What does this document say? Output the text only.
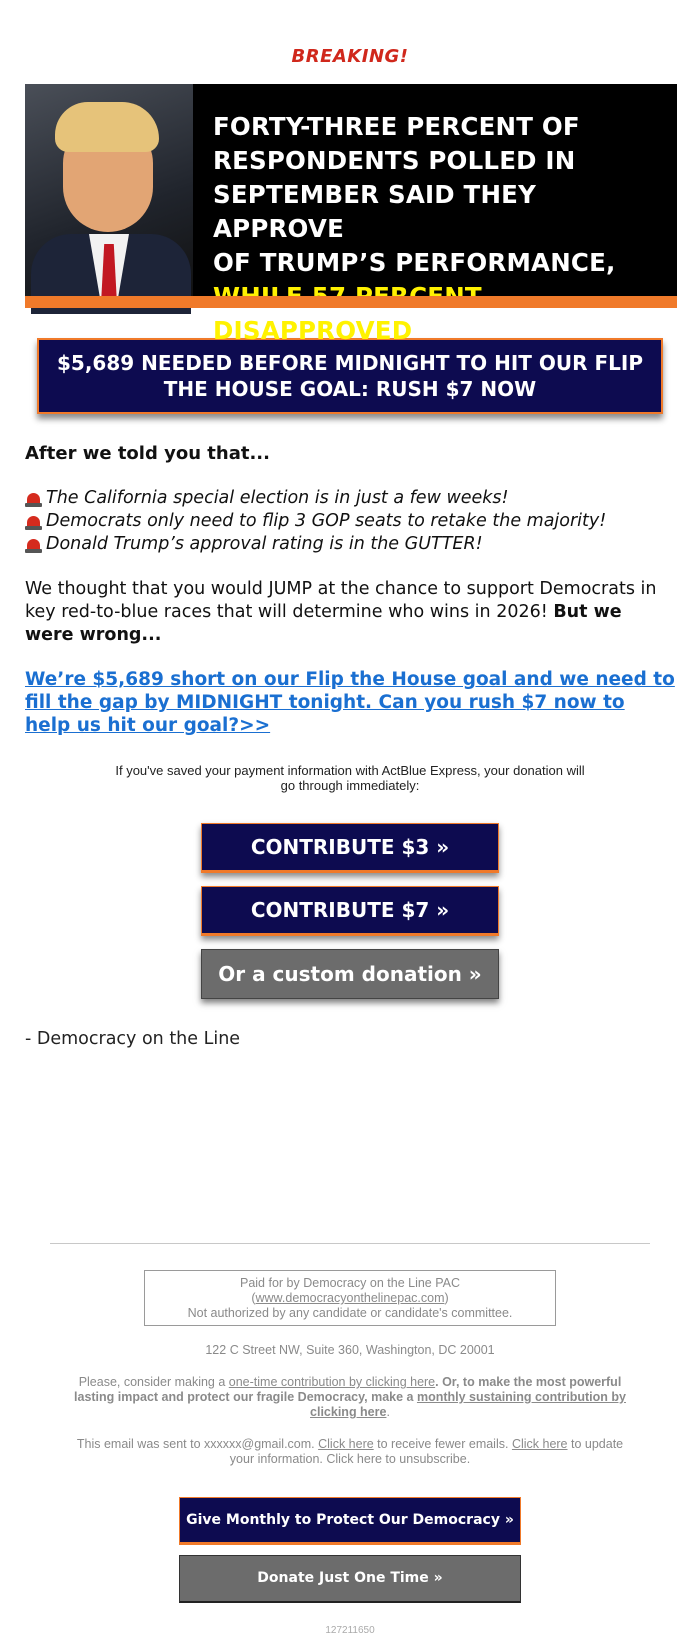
BREAKING!
FORTY-THREE PERCENT OF
RESPONDENTS POLLED IN
SEPTEMBER SAID THEY APPROVE
OF TRUMP’S PERFORMANCE,
DISAPPROVED
$5,689 NEEDED BEFORE MIDNIGHT TO HIT OUR FLIP THE HOUSE GOAL: RUSH $7 NOW
After we told you that...
The California special election is in just a few weeks!
Democrats only need to flip 3 GOP seats to retake the majority!
Donald Trump’s approval rating is in the GUTTER!
We thought that you would JUMP at the chance to support Democrats in key red-to-blue races that will determine who wins in 2026! But we were wrong...
We’re $5,689 short on our Flip the House goal and we need to fill the gap by MIDNIGHT tonight. Can you rush $7 now to help us hit our goal?>>
If you've saved your payment information with ActBlue Express, your donation will go through immediately:
CONTRIBUTE $3 »
CONTRIBUTE $7 »
Or a custom donation »
- Democracy on the Line
Paid for by Democracy on the Line PAC
(www.democracyonthelinepac.com)
Not authorized by any candidate or candidate's committee.
122 C Street NW, Suite 360, Washington, DC 20001
Please, consider making a one-time contribution by clicking here. Or, to make the most powerful lasting impact and protect our fragile Democracy, make a monthly sustaining contribution by clicking here.
This email was sent to xxxxxx@gmail.com. Click here to receive fewer emails. Click here to update your information. Click here to unsubscribe.
Give Monthly to Protect Our Democracy »
Donate Just One Time »
127211650
